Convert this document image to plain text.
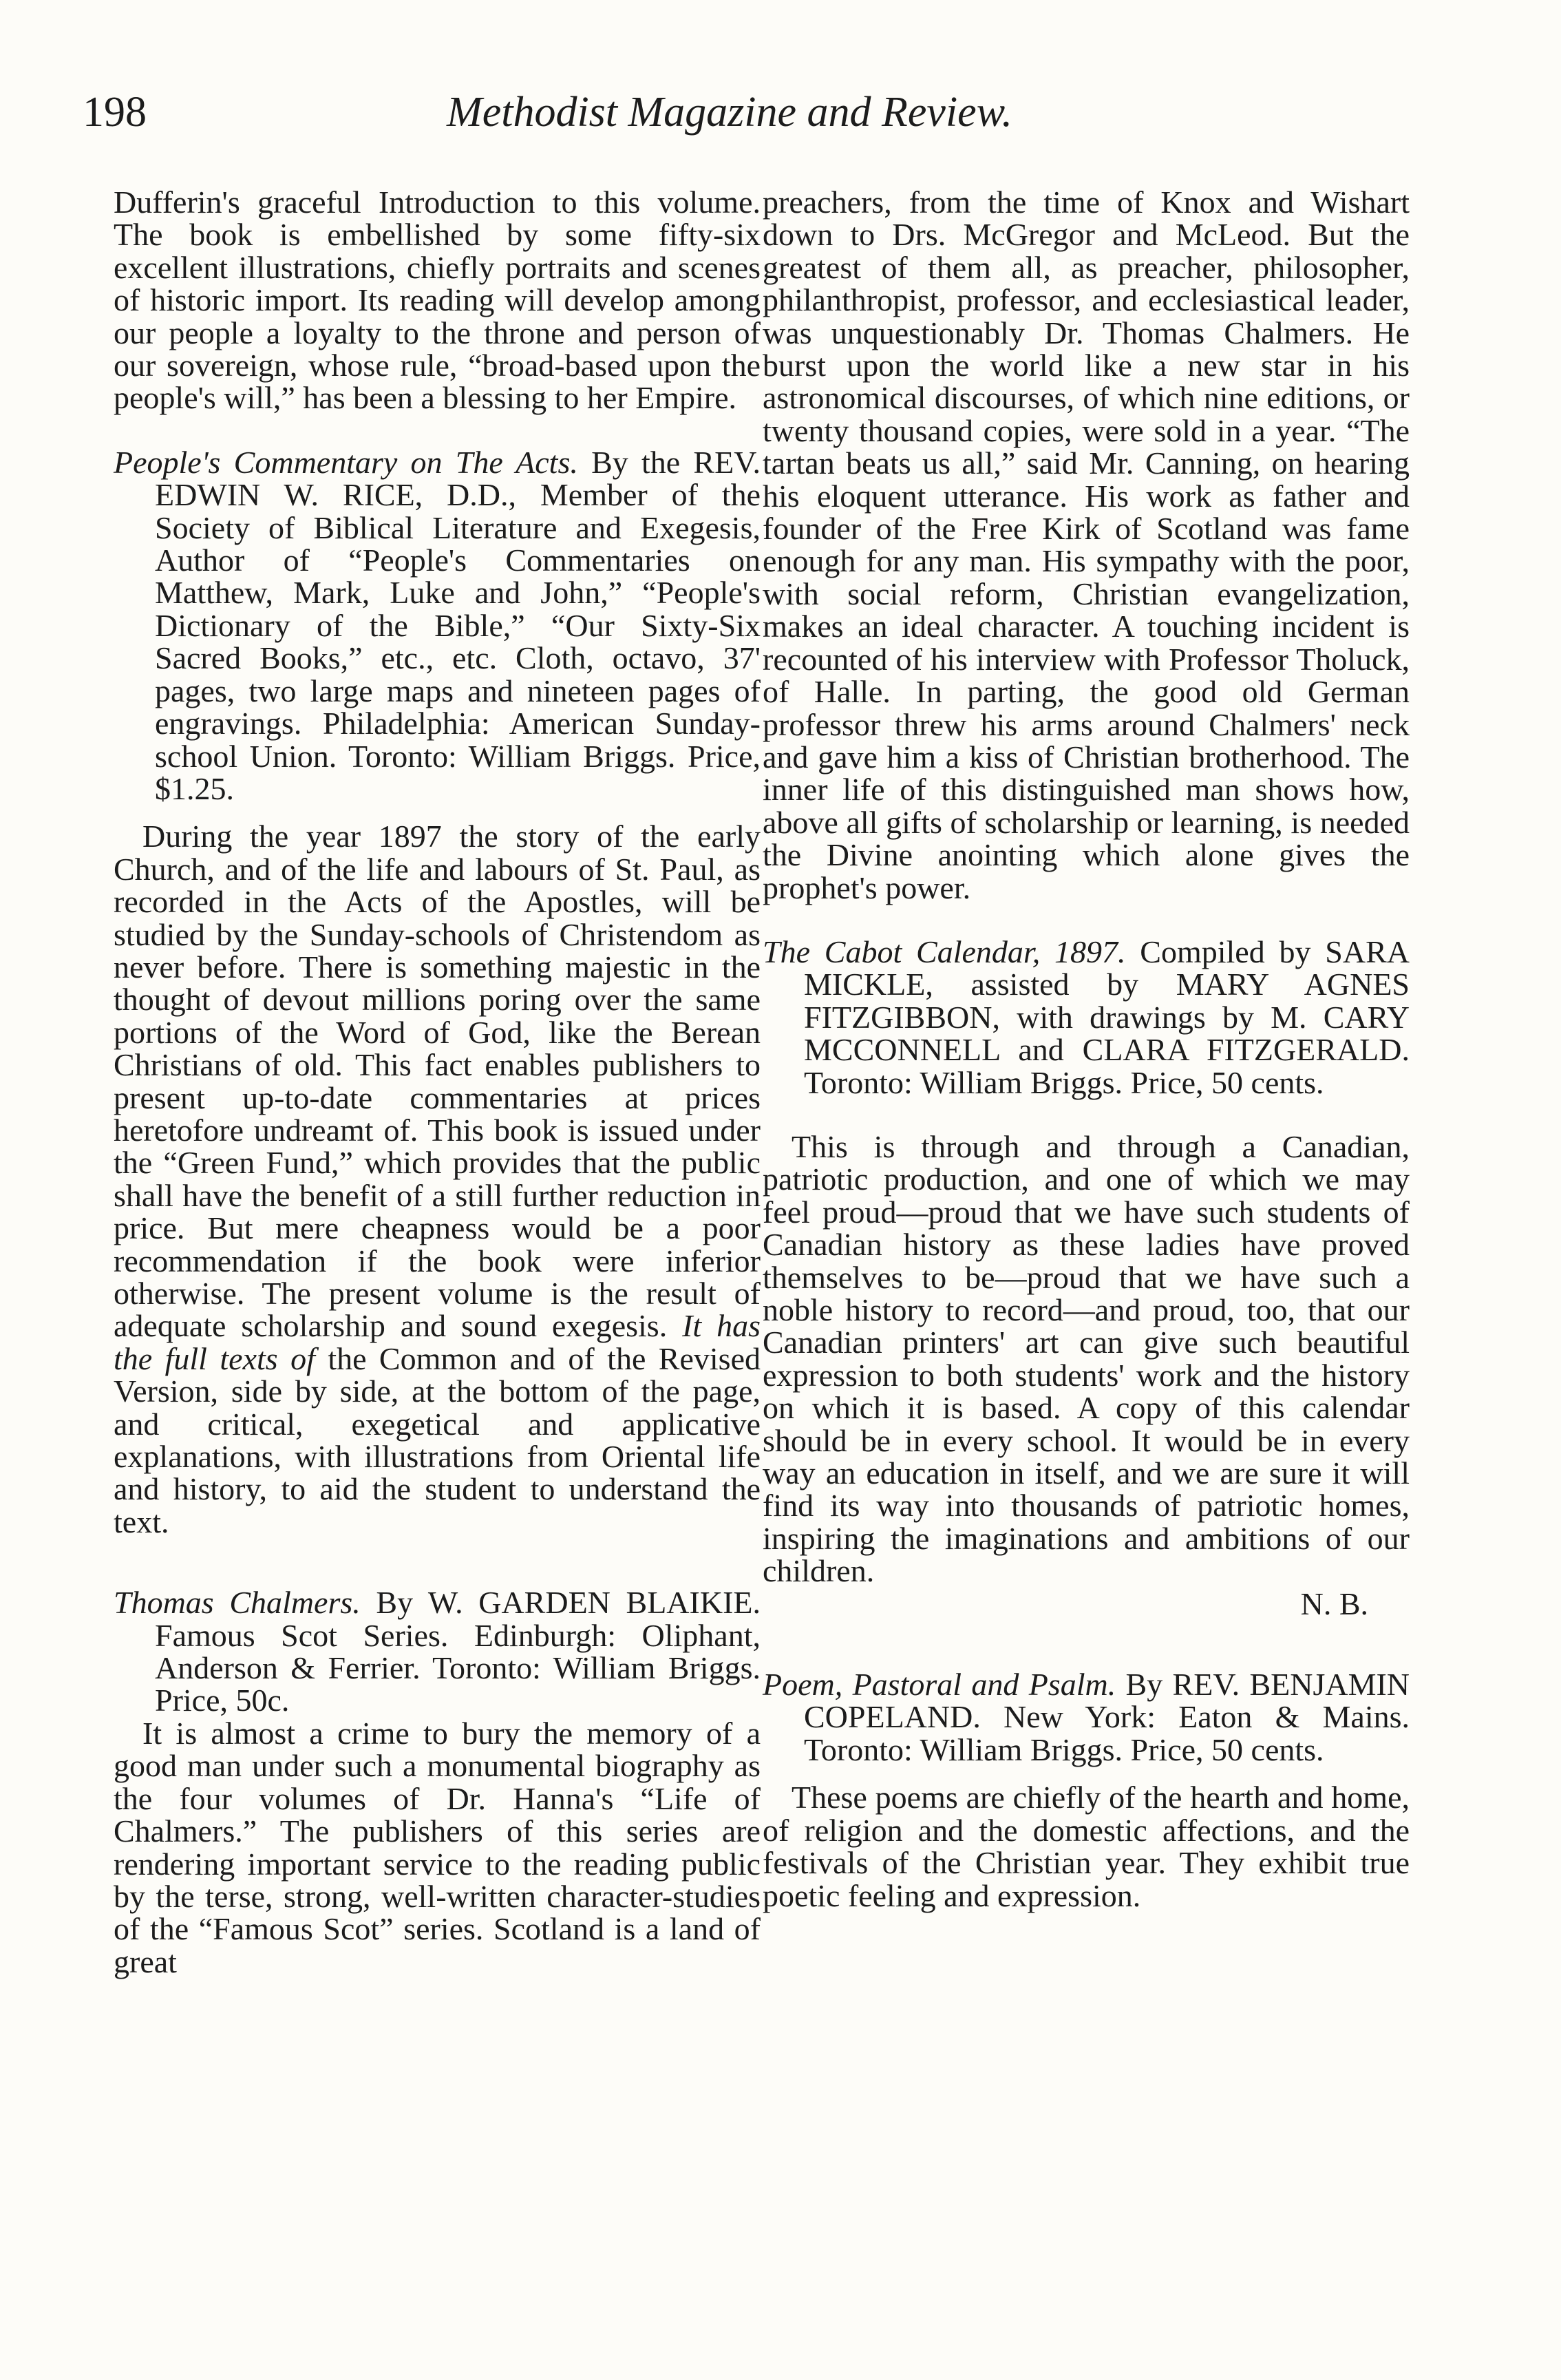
198	Methodist Magazine and Review.

Dufferin's graceful Introduction to this volume. The book is embellished by some fifty-six excellent illustrations, chiefly portraits and scenes of historic import. Its reading will develop among our people a loyalty to the throne and person of our sovereign, whose rule, “broad-based upon the people's will,” has been a blessing to her Empire.

People's Commentary on The Acts. By the REV. EDWIN W. RICE, D.D., Member of the Society of Biblical Literature and Exegesis, Author of “People's Commentaries on Matthew, Mark, Luke and John,” “People's Dictionary of the Bible,” “Our Sixty-Six Sacred Books,” etc., etc. Cloth, octavo, 37' pages, two large maps and nineteen pages of engravings. Philadelphia: American Sunday-school Union. Toronto: William Briggs. Price, $1.25.

During the year 1897 the story of the early Church, and of the life and labours of St. Paul, as recorded in the Acts of the Apostles, will be studied by the Sunday-schools of Christendom as never before. There is something majestic in the thought of devout millions poring over the same portions of the Word of God, like the Berean Christians of old. This fact enables publishers to present up-to-date commentaries at prices heretofore undreamt of. This book is issued under the “Green Fund,” which provides that the public shall have the benefit of a still further reduction in price. But mere cheapness would be a poor recommendation if the book were inferior otherwise. The present volume is the result of adequate scholarship and sound exegesis. It has the full texts of the Common and of the Revised Version, side by side, at the bottom of the page, and critical, exegetical and applicative explanations, with illustrations from Oriental life and history, to aid the student to understand the text.

Thomas Chalmers. By W. GARDEN BLAIKIE. Famous Scot Series. Edinburgh: Oliphant, Anderson & Ferrier. Toronto: William Briggs. Price, 50c.

It is almost a crime to bury the memory of a good man under such a monumental biography as the four volumes of Dr. Hanna's “Life of Chalmers.” The publishers of this series are rendering important service to the reading public by the terse, strong, well-written character-studies of the “Famous Scot” series. Scotland is a land of great

preachers, from the time of Knox and Wishart down to Drs. McGregor and McLeod. But the greatest of them all, as preacher, philosopher, philanthropist, professor, and ecclesiastical leader, was unquestionably Dr. Thomas Chalmers. He burst upon the world like a new star in his astronomical discourses, of which nine editions, or twenty thousand copies, were sold in a year. “The tartan beats us all,” said Mr. Canning, on hearing his eloquent utterance. His work as father and founder of the Free Kirk of Scotland was fame enough for any man. His sympathy with the poor, with social reform, Christian evangelization, makes an ideal character. A touching incident is recounted of his interview with Professor Tholuck, of Halle. In parting, the good old German professor threw his arms around Chalmers' neck and gave him a kiss of Christian brotherhood. The inner life of this distinguished man shows how, above all gifts of scholarship or learning, is needed the Divine anointing which alone gives the prophet's power.

The Cabot Calendar, 1897. Compiled by SARA MICKLE, assisted by MARY AGNES FITZGIBBON, with drawings by M. CARY MCCONNELL and CLARA FITZGERALD. Toronto: William Briggs. Price, 50 cents.

This is through and through a Canadian, patriotic production, and one of which we may feel proud—proud that we have such students of Canadian history as these ladies have proved themselves to be—proud that we have such a noble history to record—and proud, too, that our Canadian printers' art can give such beautiful expression to both students' work and the history on which it is based. A copy of this calendar should be in every school. It would be in every way an education in itself, and we are sure it will find its way into thousands of patriotic homes, inspiring the imaginations and ambitions of our children.

N. B.

Poem, Pastoral and Psalm. By REV. BENJAMIN COPELAND. New York: Eaton & Mains. Toronto: William Briggs. Price, 50 cents.

These poems are chiefly of the hearth and home, of religion and the domestic affections, and the festivals of the Christian year. They exhibit true poetic feeling and expression.
